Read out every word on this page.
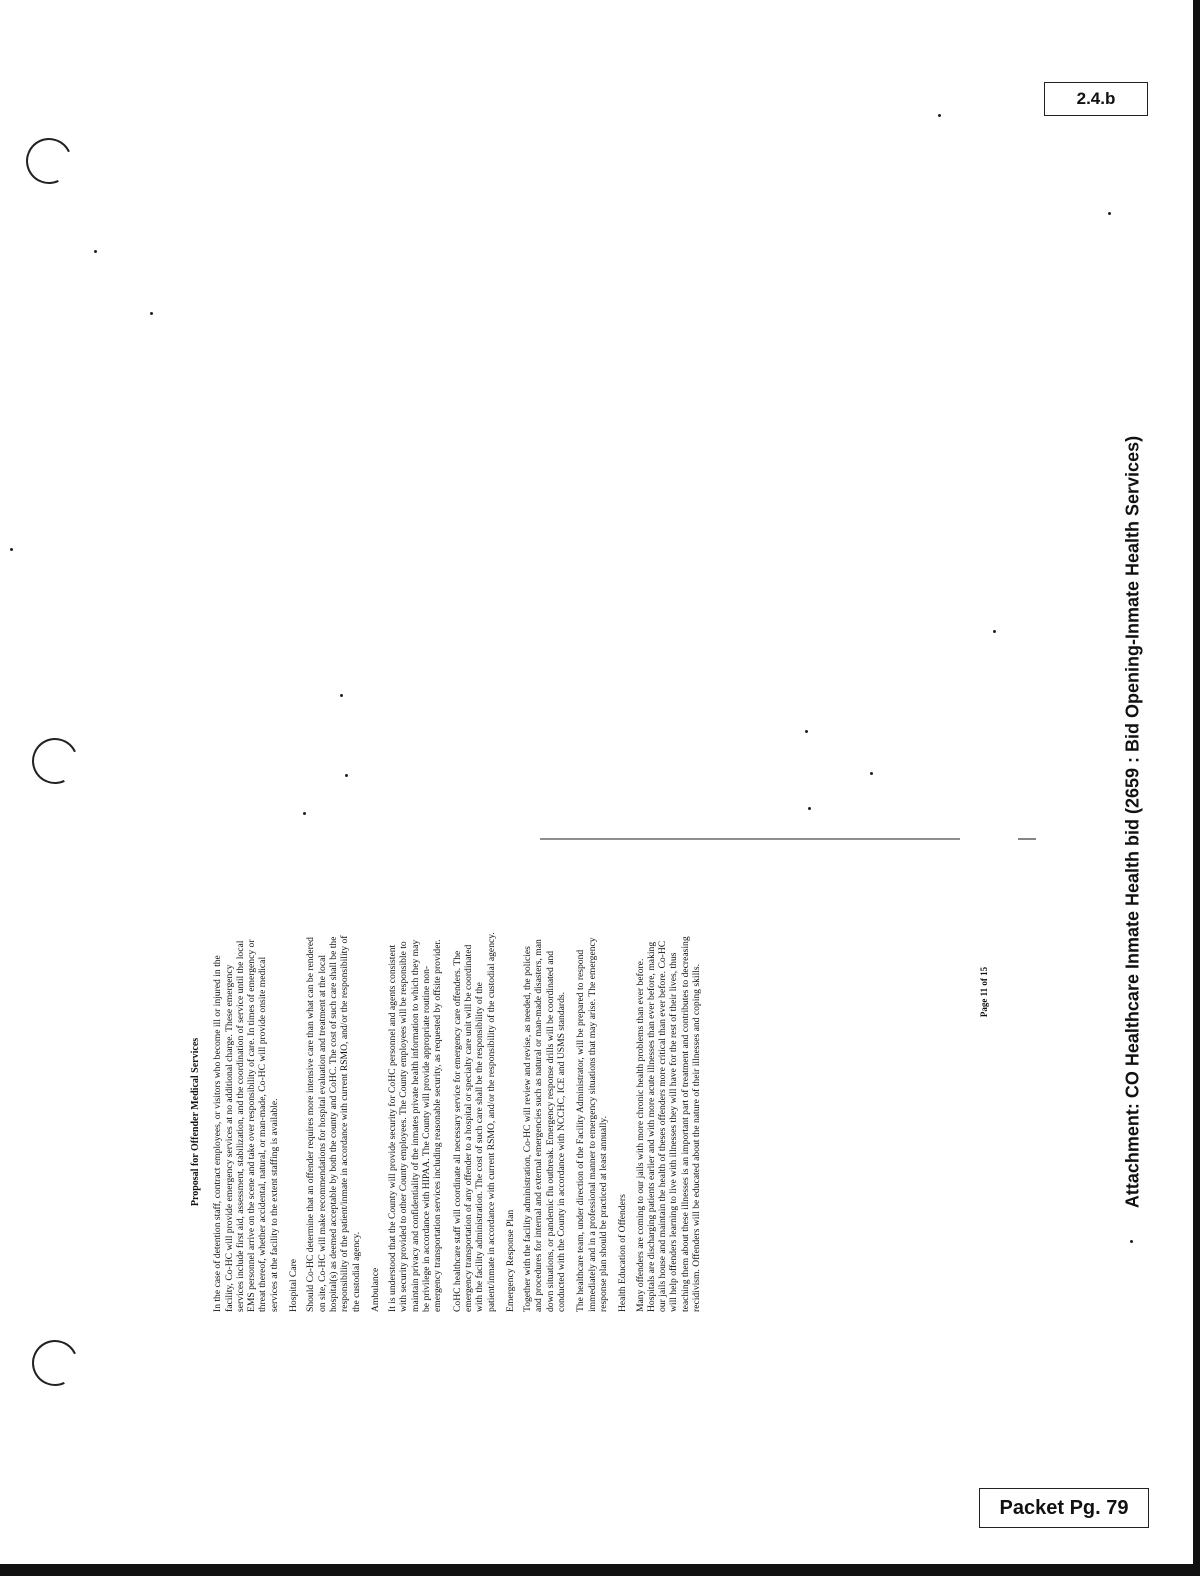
2.4.b
Attachment: CO Healthcare Inmate Health bid (2659 : Bid Opening-Inmate Health Services)
Proposal for Offender Medical Services In the case of detention staff, contract employees, or visitors who become ill or injured in the facility, Co-HC will provide emergency services at no additional charge. These emergency services include first aid, assessment, stabilization, and the coordination of service until the local EMS personnel arrive on the scene and take over responsibility of care. In times of emergency or threat thereof, whether accidental, natural, or man-made, Co-HC will provide onsite medical services at the facility to the extent staffing is available. Hospital Care Should Co-HC determine that an offender requires more intensive care than what can be rendered on site, Co-HC will make recommendations for hospital evaluation and treatment at the local hospital(s) as deemed acceptable by both the county and CoHC. The cost of such care shall be the responsibility of the patient/inmate in accordance with current RSMO, and/or the responsibility of the custodial agency. Ambulance It is understood that the County will provide security for CoHC personnel and agents consistent with security provided to other County employees. The County employees will be responsible to maintain privacy and confidentiality of the inmates private health information to which they may be privilege in accordance with HIPAA. The County will provide appropriate routine non-emergency transportation services including reasonable security, as requested by offsite provider. CoHC healthcare staff will coordinate all necessary service for emergency care offenders. The emergency transportation of any offender to a hospital or specialty care unit will be coordinated with the facility administration. The cost of such care shall be the responsibility of the patient/inmate in accordance with current RSMO, and/or the responsibility of the custodial agency. Emergency Response Plan Together with the facility administration, Co-HC will review and revise, as needed, the policies and procedures for internal and external emergencies such as natural or man-made disasters, man down situations, or pandemic flu outbreak. Emergency response drills will be coordinated and conducted with the County in accordance with NCCHC, ICE and USMS standards. The healthcare team, under direction of the Facility Administrator, will be prepared to respond immediately and in a professional manner to emergency situations that may arise. The emergency response plan should be practiced at least annually. Health Education of Offenders Many offenders are coming to our jails with more chronic health problems than ever before. Hospitals are discharging patients earlier and with more acute illnesses than ever before, making our jails house and maintain the health of theses offenders more critical than ever before. Co-HC will help offenders learning to live with illnesses they will have for the rest of their lives, thus teaching them about these illnesses is an important part of treatment and contributes to decreasing recidivism. Offenders will be educated about the nature of their illnesses and coping skills.	Page 11 of 15
Packet Pg. 79
